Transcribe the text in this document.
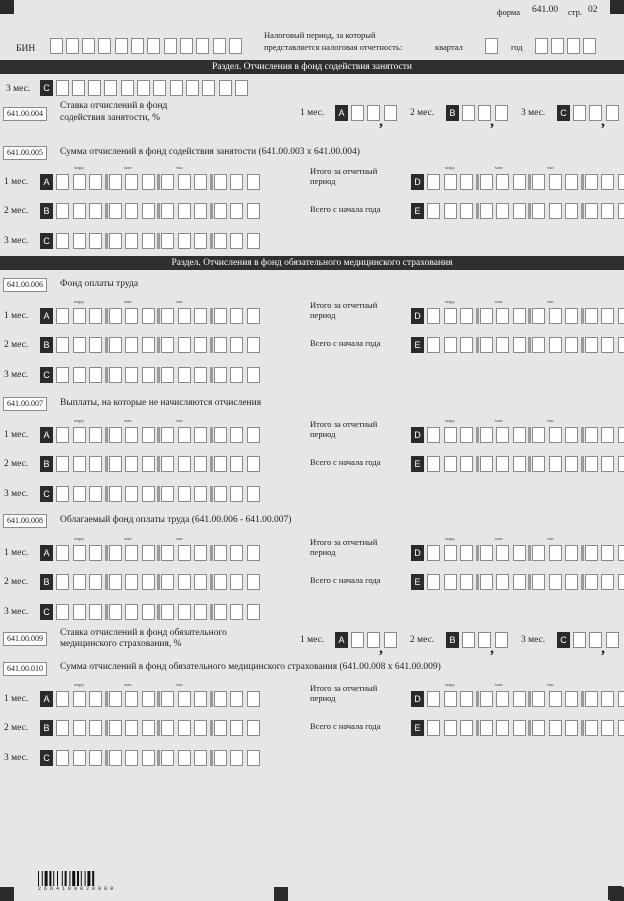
форма 641.00 стр. 02
БИН
Налоговый период, за который
представляется налоговая отчетность:	квартал	год
Раздел. Отчисления в фонд содействия занятости
3 мес.	C
641.00.004
Ставка отчислений в фонд
содействия занятости, %	1 мес.	A ,	2 мес.	B ,	3 мес.	C ,
641.00.005	Сумма отчислений в фонд содействия занятости (641.00.003 х 641.00.004)
1 мес.	A
млрд	млн	тыс
2 мес.	B
3 мес.	C
Итого за отчетный
период	D
млрд	млн	тыс
Всего с начала года	E
Раздел. Отчисления в фонд обязательного медицинского страхования
641.00.006	Фонд оплаты труда
1 мес.	A
млрд	млн	тыс
2 мес.	B
3 мес.	C
Итого за отчетный
период	D
млрд	млн	тыс
Всего с начала года	E
641.00.007	Выплаты, на которые не начисляются отчисления
1 мес.	A
млрд	млн	тыс
2 мес.	B
3 мес.	C
Итого за отчетный
период	D
млрд	млн	тыс
Всего с начала года	E
641.00.008	Облагаемый фонд оплаты труда (641.00.006 - 641.00.007)
1 мес.	A
млрд	млн	тыс
2 мес.	B
3 мес.	C
Итого за отчетный
период	D
млрд	млн	тыс
Всего с начала года	E
641.00.009
Ставка отчислений в фонд обязательного
медицинского страхования, %	1 мес.	A ,	2 мес.	B ,	3 мес.	C ,
641.00.010	Сумма отчислений в фонд обязательного медицинского страхования (641.00.008 х 641.00.009)
1 мес.	A
млрд	млн	тыс
2 мес.	B
3 мес.	C
Итого за отчетный
период	D
млрд	млн	тыс
Всего с начала года	E
2 6 6 4 1 0 0 0 2 0 0 0 9
